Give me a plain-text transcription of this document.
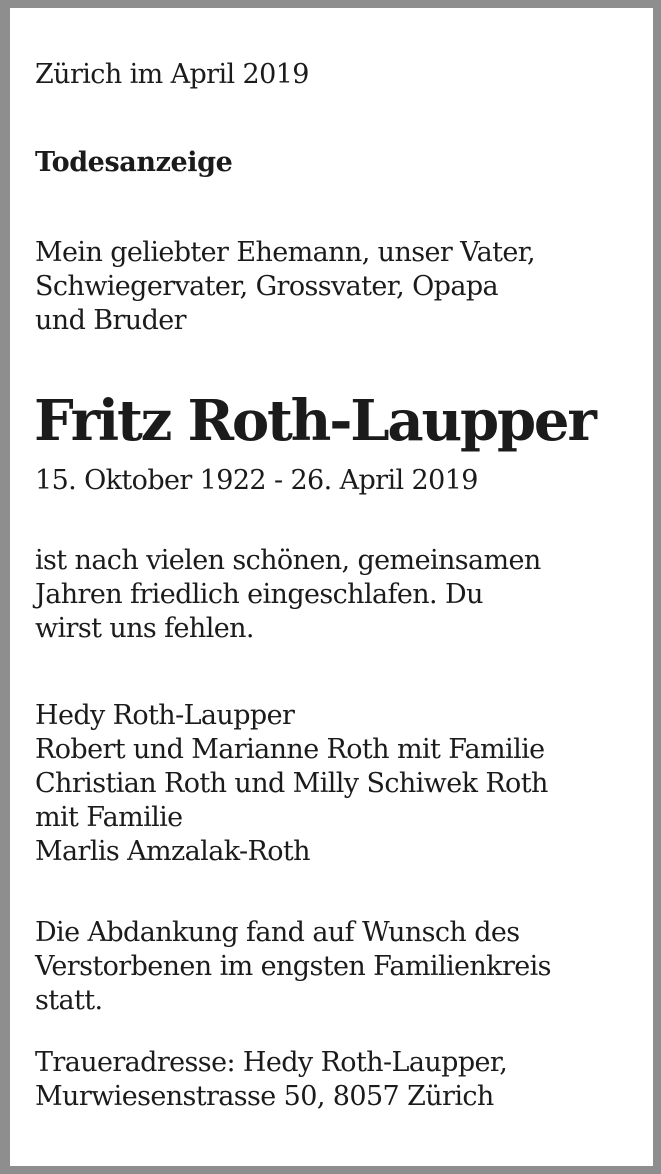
Zürich im April 2019

Todesanzeige

Mein geliebter Ehemann, unser Vater,
Schwiegervater, Grossvater, Opapa
und Bruder
Fritz Roth-Laupper

15. Oktober 1922 - 26. April 2019

ist nach vielen schönen, gemeinsamen
Jahren friedlich eingeschlafen. Du
wirst uns fehlen.
Hedy Roth-Laupper
Robert und Marianne Roth mit Familie
Christian Roth und Milly Schiwek Roth
mit Familie
Marlis Amzalak-Roth
Die Abdankung fand auf Wunsch des
Verstorbenen im engsten Familienkreis
statt.
Traueradresse: Hedy Roth-Laupper,
Murwiesenstrasse 50, 8057 Zürich
